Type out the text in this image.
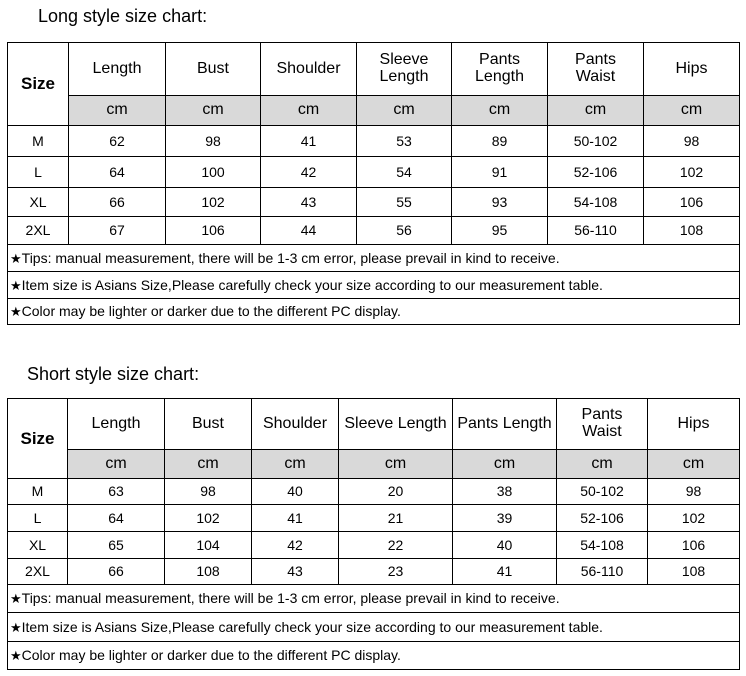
Long style size chart:
Size	Length	Bust	Shoulder	Sleeve Length	Pants Length	Pants Waist	Hips
	cm	cm	cm	cm	cm	cm	cm
M	62	98	41	53	89	50-102	98
L	64	100	42	54	91	52-106	102
XL	66	102	43	55	93	54-108	106
2XL	67	106	44	56	95	56-110	108
★Tips: manual measurement, there will be 1-3 cm error, please prevail in kind to receive.							
★Item size is Asians Size,Please carefully check your size according to our measurement table.							
★Color may be lighter or darker due to the different PC display.							
Short style size chart:
Size	Length	Bust	Shoulder	Sleeve Length	Pants Length	Pants Waist	Hips
	cm	cm	cm	cm	cm	cm	cm
M	63	98	40	20	38	50-102	98
L	64	102	41	21	39	52-106	102
XL	65	104	42	22	40	54-108	106
2XL	66	108	43	23	41	56-110	108
★Tips: manual measurement, there will be 1-3 cm error, please prevail in kind to receive.							
★Item size is Asians Size,Please carefully check your size according to our measurement table.							
★Color may be lighter or darker due to the different PC display.							
